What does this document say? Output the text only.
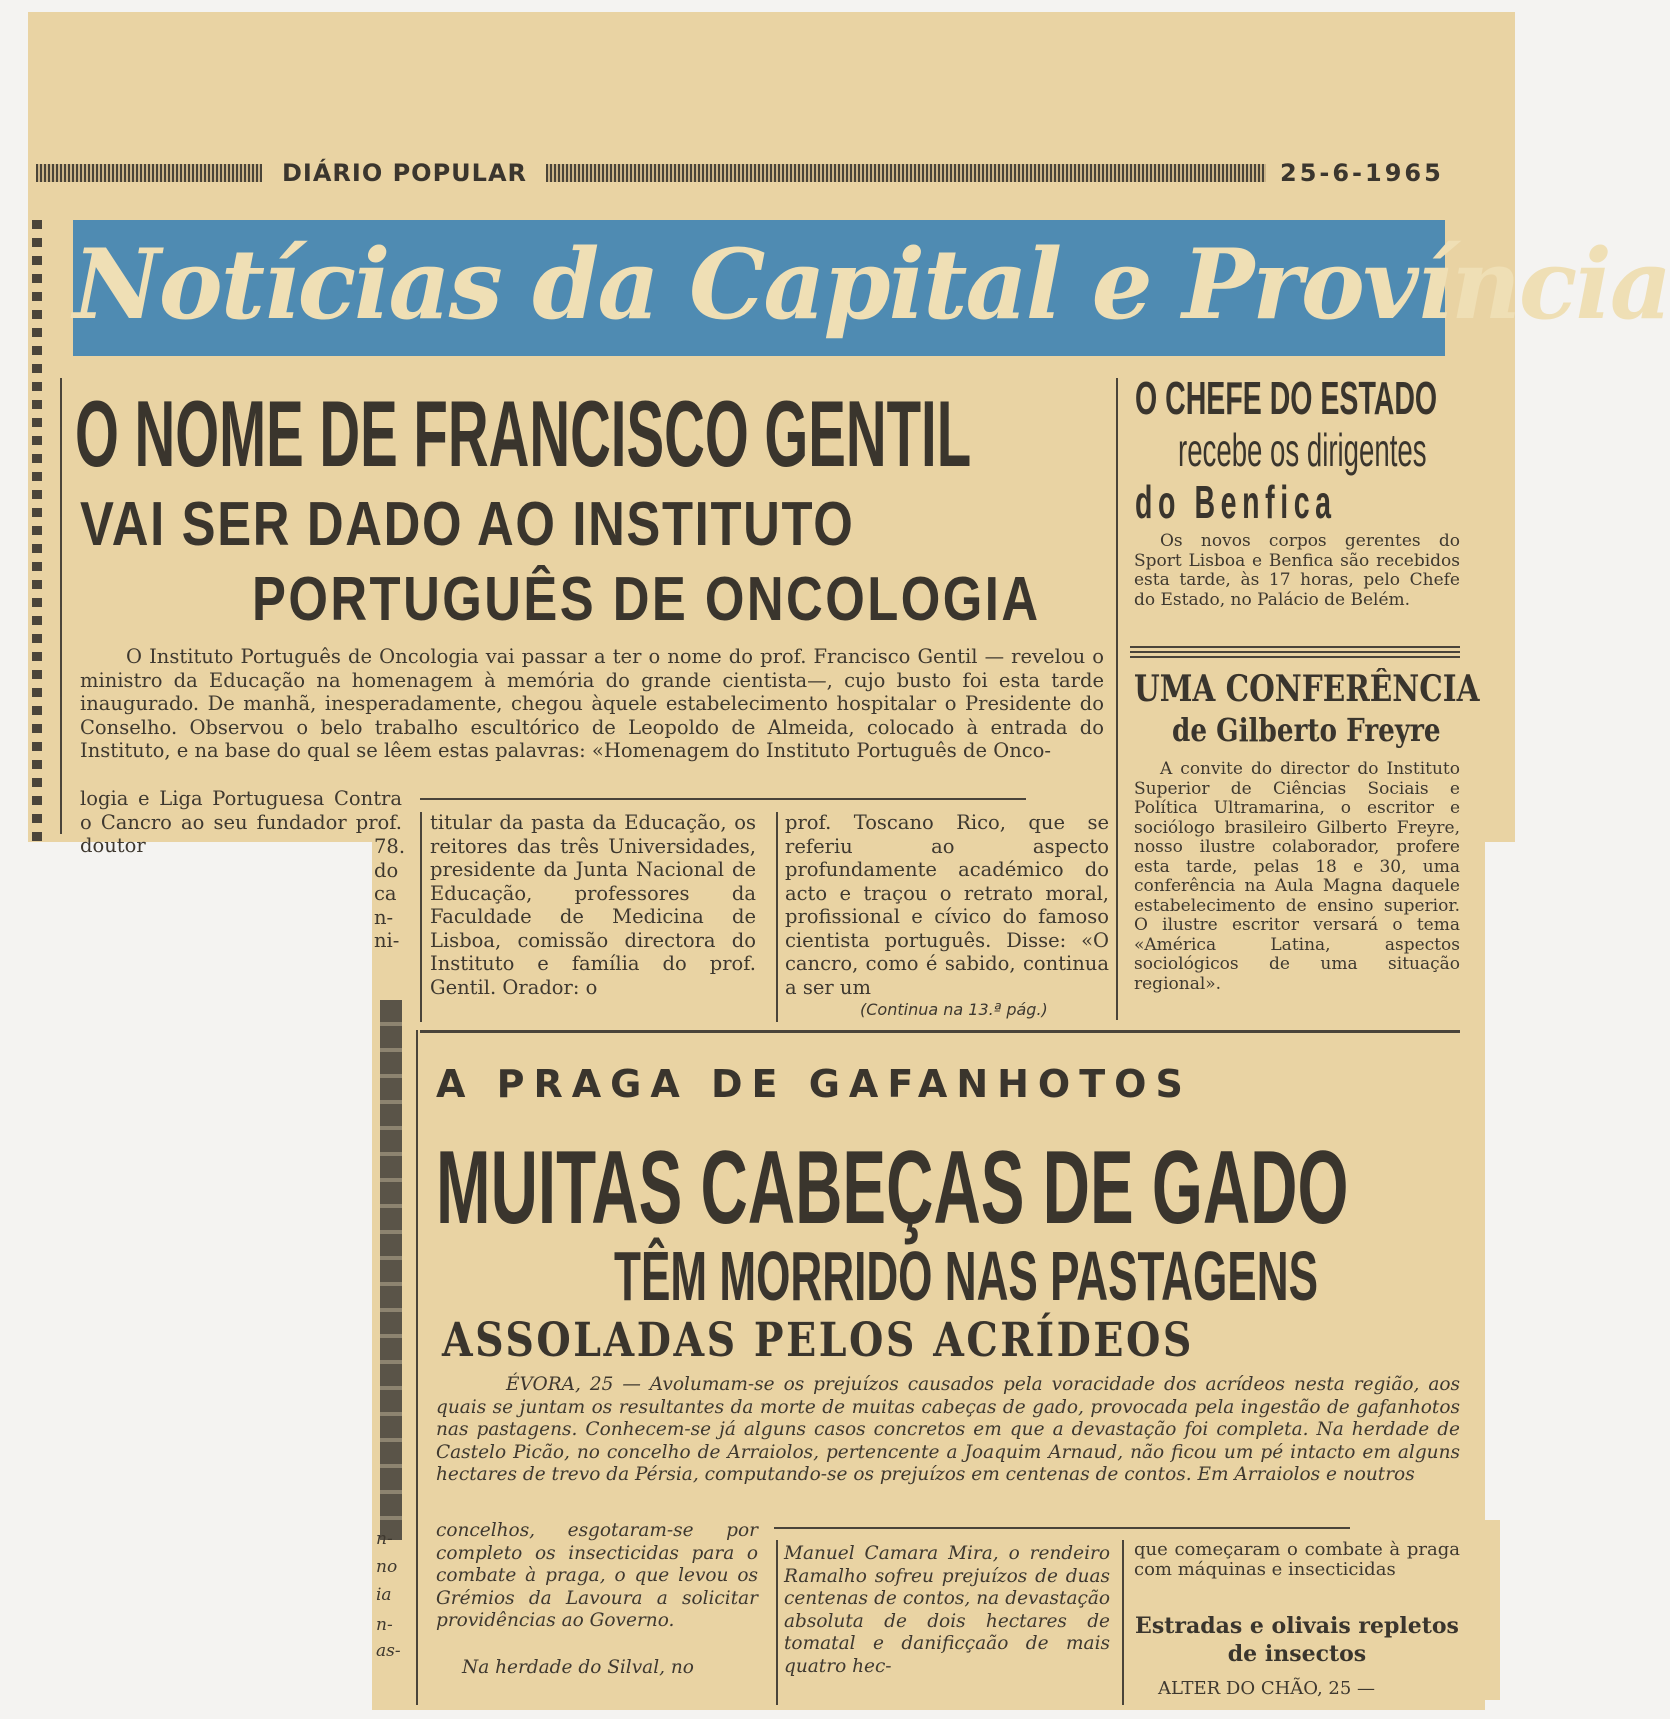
DIÁRIO POPULAR	25-6-1965
Notícias da Capital e Província
O NOME DE FRANCISCO GENTIL
VAI SER DADO AO INSTITUTO
PORTUGUÊS DE ONCOLOGIA
O Instituto Português de Oncologia vai passar a ter o nome do prof. Francisco Gentil — revelou o ministro da Educação na homenagem à memória do grande cientista—, cujo busto foi esta tarde inaugurado. De manhã, inesperadamente, chegou àquele estabelecimento hospitalar o Presidente do Conselho. Observou o belo trabalho escultórico de Leopoldo de Almeida, colocado à entrada do Instituto, e na base do qual se lêem estas palavras: «Homenagem do Instituto Português de Onco-
logia e Liga Portuguesa Contra o Cancro ao seu fundador prof. doutor
titular da pasta da Educação, os reitores das três Universidades, presidente da Junta Nacional de Educação, professores da Faculdade de Medicina de Lisboa, comissão directora do Instituto e família do prof. Gentil. Orador: o
prof. Toscano Rico, que se referiu ao aspecto profundamente académico do acto e traçou o retrato moral, profissional e cívico do famoso cientista português. Disse: «O cancro, como é sabido, continua a ser um
(Continua na 13.ª pág.)
78.
do
ca
n-
ni-
O CHEFE DO ESTADO
recebe os dirigentes
do Benfica
Os novos corpos gerentes do Sport Lisboa e Benfica são recebidos esta tarde, às 17 horas, pelo Chefe do Estado, no Palácio de Belém.
UMA CONFERÊNCIA
de Gilberto Freyre
A convite do director do Instituto Superior de Ciências Sociais e Política Ultramarina, o escritor e sociólogo brasileiro Gilberto Freyre, nosso ilustre colaborador, profere esta tarde, pelas 18 e 30, uma conferência na Aula Magna daquele estabelecimento de ensino superior. O ilustre escritor versará o tema «América Latina, aspectos sociológicos de uma situação regional».
A PRAGA DE GAFANHOTOS
MUITAS CABEÇAS DE GADO
TÊM MORRIDO NAS PASTAGENS
ASSOLADAS PELOS ACRÍDEOS
ÉVORA, 25 — Avolumam-se os prejuízos causados pela voracidade dos acrídeos nesta região, aos quais se juntam os resultantes da morte de muitas cabeças de gado, provocada pela ingestão de gafanhotos nas pastagens. Conhecem-se já alguns casos concretos em que a devastação foi completa. Na herdade de Castelo Picão, no concelho de Arraiolos, pertencente a Joaquim Arnaud, não ficou um pé intacto em alguns hectares de trevo da Pérsia, computando-se os prejuízos em centenas de contos. Em Arraiolos e noutros
concelhos, esgotaram-se por completo os insecticidas para o combate à praga, o que levou os Grémios da Lavoura a solicitar providências ao Governo.
Na herdade do Silval, no
Manuel Camara Mira, o rendeiro Ramalho sofreu prejuízos de duas centenas de contos, na devastação absoluta de dois hectares de tomatal e danificçaão de mais quatro hec-
que começaram o combate à praga com máquinas e insecticidas
Estradas e olivais repletos de insectos
ALTER DO CHÃO, 25 —
n-
no
ia
n-
as-
